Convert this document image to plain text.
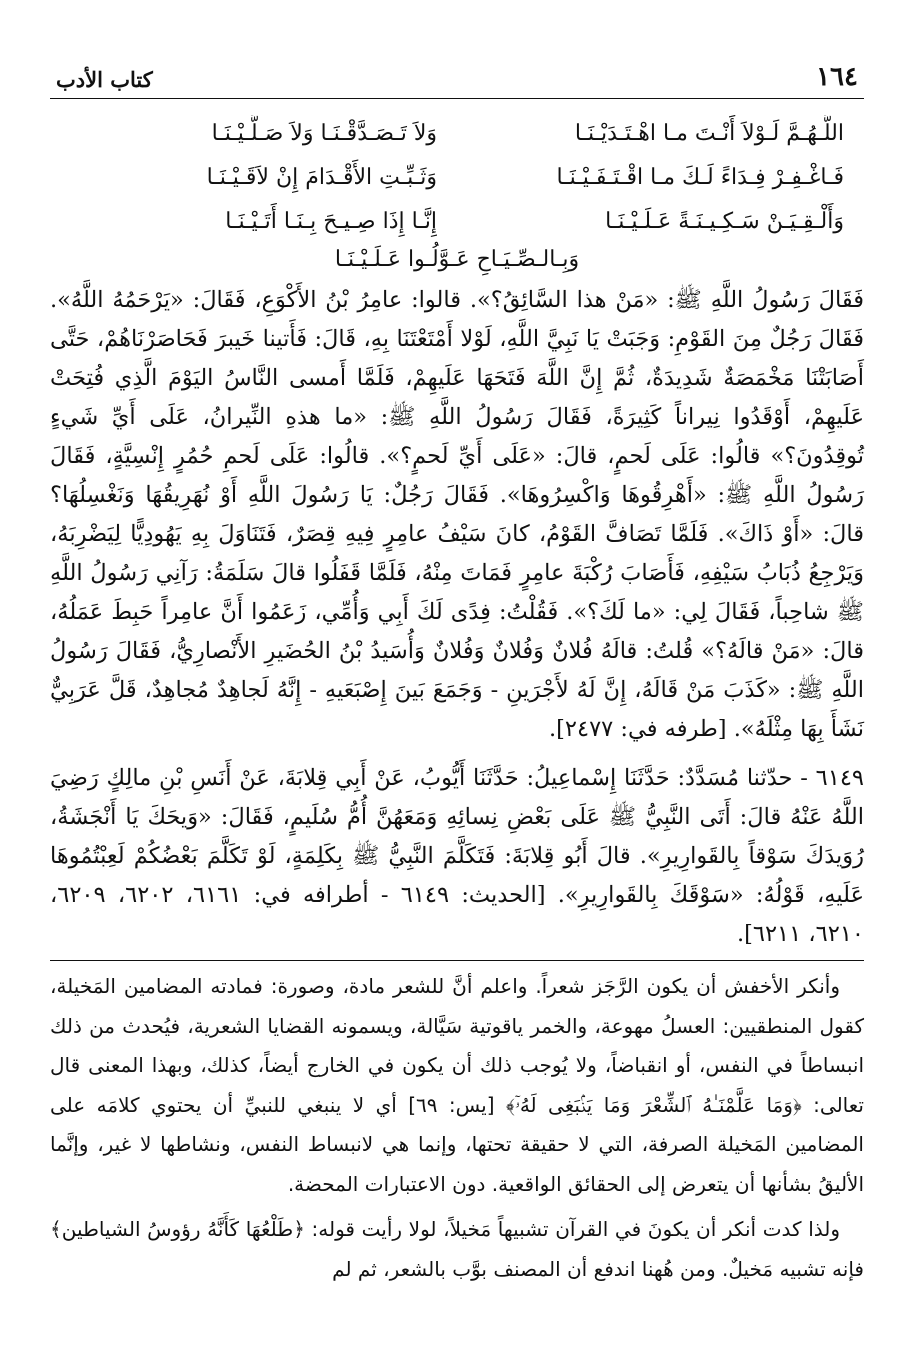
١٦٤
كتاب الأدب
اللَّـهُـمَّ لَـوْلاَ أَنْـتَ مـا اهْـتَـدَيْـنَـا
وَلاَ تَـصَـدَّقْـنَـا وَلاَ صَـلَّـيْـنَـا
فَـاغْـفِـرْ فِـدَاءً لَـكَ مـا اقْـتَـفَـيْـنَـا
وَثَـبِّـتِ الأَقْـدَامَ إِنْ لاَقَـيْـنَـا
وَأَلْـقِـيَـنْ سَـكِـيـنَـةً عَـلَـيْـنَـا
إِنَّـا إِذَا صِـيـحَ بِـنَـا أَتَـيْـنَـا

وَبِـالـصِّـيَـاحِ عَـوَّلُـوا عَـلَـيْـنَـا

فَقَالَ رَسُولُ اللَّهِ ﷺ: «مَنْ هذا السَّائِقُ؟». قالوا: عامِرُ بْنُ الأَكْوَعِ، فَقَالَ: «يَرْحَمُهُ اللَّهُ». فَقَالَ رَجُلٌ مِنَ القَوْمِ: وَجَبَتْ يَا نَبِيَّ اللَّهِ، لَوْلا أَمْتَعْتَنَا بِهِ، قَالَ: فَأَتينا خَيبرَ فَحَاصَرْنَاهُمْ، حَتَّى أَصَابَتْنَا مَخْمَصَةٌ شَدِيدَةٌ، ثُمَّ إِنَّ اللَّهَ فَتَحَهَا عَلَيهِمْ، فَلَمَّا أَمسى النَّاسُ اليَوْمَ الَّذِي فُتِحَتْ عَلَيهِمْ، أَوْقَدُوا نِيراناً كَثِيرَةً، فَقَالَ رَسُولُ اللَّهِ ﷺ: «ما هذهِ النِّيرانُ، عَلَى أَيِّ شَيءٍ تُوقِدُونَ؟» قالُوا: عَلَى لَحمٍ، قالَ: «عَلَى أَيِّ لَحمٍ؟». قالُوا: عَلَى لَحمِ حُمُرٍ إِنْسِيَّةٍ، فَقَالَ رَسُولُ اللَّهِ ﷺ: «أَهْرِقُوهَا وَاكْسِرُوهَا». فَقَالَ رَجُلٌ: يَا رَسُولَ اللَّهِ أَوْ نُهَرِيقُهَا وَنَغْسِلُهَا؟ قالَ: «أَوْ ذَاكَ». فَلَمَّا تَصَافَّ القَوْمُ، كانَ سَيْفُ عامِرٍ فِيهِ قِصَرٌ، فَتَنَاوَلَ بِهِ يَهُودِيًّا لِيَضْرِبَهُ، وَيَرْجِعُ ذُبَابُ سَيْفِهِ، فَأَصَابَ رُكْبَةَ عامِرٍ فَمَاتَ مِنْهُ، فَلَمَّا قَفَلُوا قالَ سَلَمَةُ: رَآنِي رَسُولُ اللَّهِ ﷺ شاحِباً، فَقَالَ لِي: «ما لَكَ؟». فَقُلْتُ: فِدًى لَكَ أَبِي وَأُمِّي، زَعَمُوا أَنَّ عامِراً حَبِطَ عَمَلُهُ، قالَ: «مَنْ قالَهُ؟» قُلتُ: قالَهُ فُلانٌ وَفُلانٌ وَفُلانٌ وَأُسَيدُ بْنُ الحُضَيرِ الأَنْصارِيُّ، فَقَالَ رَسُولُ اللَّهِ ﷺ: «كَذَبَ مَنْ قَالَهُ، إِنَّ لَهُ لأَجْرَينِ - وَجَمَعَ بَينَ إِصْبَعَيهِ - إِنَّهُ لَجاهِدٌ مُجاهِدٌ، قَلَّ عَرَبِيٌّ نَشَأَ بِهَا مِثْلَهُ». [طرفه في: ٢٤٧٧].

٦١٤٩ - حدّثنا مُسَدَّدٌ: حَدَّثَنَا إِسْماعِيلُ: حَدَّثَنَا أَيُّوبُ، عَنْ أَبِي قِلابَةَ، عَنْ أَنَسِ بْنِ مالِكٍ رَضِيَ اللَّهُ عَنْهُ قالَ: أَتَى النَّبِيُّ ﷺ عَلَى بَعْضِ نِسائِهِ وَمَعَهُنَّ أُمُّ سُلَيمٍ، فَقَالَ: «وَيحَكَ يَا أَنْجَشَةُ، رُوَيدَكَ سَوْقاً بِالقَوارِيرِ». قالَ أَبُو قِلابَةَ: فَتَكَلَّمَ النَّبِيُّ ﷺ بِكَلِمَةٍ، لَوْ تَكَلَّمَ بَعْضُكُمْ لَعِبْتُمُوهَا عَلَيهِ، قَوْلُهُ: «سَوْقَكَ بِالقَوارِيرِ». [الحديث: ٦١٤٩ - أطرافه في: ٦١٦١، ٦٢٠٢، ٦٢٠٩، ٦٢١٠، ٦٢١١].

وأنكر الأخفش أن يكون الرَّجَز شعراً. واعلم أنَّ للشعر مادة، وصورة: فمادته المضامين المَخيلة، كقول المنطقيين: العسلُ مهوعة، والخمر ياقوتية سَيَّالة، ويسمونه القضايا الشعرية، فيُحدث من ذلك انبساطاً في النفس، أو انقباضاً، ولا يُوجب ذلك أن يكون في الخارج أيضاً، كذلك، وبهذا المعنى قال تعالى: ﴿وَمَا عَلَّمْنَـٰهُ ٱلشِّعْرَ وَمَا يَنۢبَغِى لَهُۥٓ﴾ [يس: ٦٩] أي لا ينبغي للنبيِّ أن يحتوي كلامَه على المضامين المَخيلة الصرفة، التي لا حقيقة تحتها، وإنما هي لانبساط النفس، ونشاطها لا غير، وإنَّما الأليقُ بشأنها أن يتعرض إلى الحقائق الواقعية. دون الاعتبارات المحضة.

ولذا كدت أنكر أن يكونَ في القرآن تشبيهاً مَخيلاً، لولا رأيت قوله: ﴿طَلْعُهَا كَأَنَّهُ رؤوسُ الشياطين﴾ فإنه تشبيه مَخيلٌ. ومن هُهنا اندفع أن المصنف بوَّب بالشعر، ثم لم
